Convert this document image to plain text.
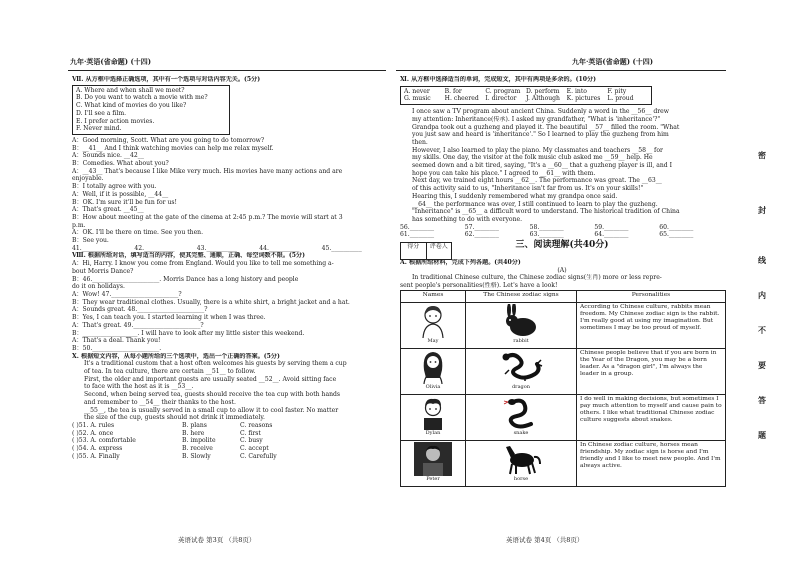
九年·英语(省命题) (十四)
Ⅶ. 从方框中选择正确选项，其中有一个选项与对话内容无关。(5分)
A. Where and when shall we meet?
B. Do you want to watch a movie with me?
C. What kind of movies do you like?
D. I'll see a film.
E. I prefer action movies.
F. Never mind.
A：Good morning, Scott. What are you going to do tomorrow?
B：__41__ And I think watching movies can help me relax myself.
A：Sounds nice. __42__
B：Comedies. What about you?
A：__43__ That's because I like Mike very much. His movies have many actions and are
enjoyable.
B：I totally agree with you.
A：Well, if it is possible, __44__
B：OK. I'm sure it'll be fun for us!
A：That's great. __45__
B：How about meeting at the gate of the cinema at 2:45 p.m.? The movie will start at 3
p.m.
A：OK. I'll be there on time. See you then.
B：See you.
41.__________	42.__________	43.__________	44.__________	45.__________
Ⅷ. 根据所给对话，填写适当的内容，使其完整、通顺，正确、每空词数不限。(5分)
A：Hi, Harry. I know you come from England. Would you like to tell me something a-
bout Morris Dance?
B：46.______________________. Morris Dance has a long history and people
do it on holidays.
A：Wow! 47.______________________?
B：They wear traditional clothes. Usually, there is a white shirt, a bright jacket and a hat.
A：Sounds great. 48.______________________?
B：Yes, I can teach you. I started learning it when I was three.
A：That's great. 49.______________________?
B：__________________. I will have to look after my little sister this weekend.
A：That's a deal. Thank you!
B：50.______________________.
Ⅹ. 根据短文内容，从每小题所给的三个选项中，选出一个正确的答案。(5分)
It's a traditional custom that a host often welcomes his guests by serving them a cup
of tea. In tea culture, there are certain __51__ to follow.
First, the older and important guests are usually seated __52__. Avoid sitting face
to face with the host as it is __53__.
Second, when being served tea, guests should receive the tea cup with both hands
and remember to __54__ their thanks to the host.
__55__, the tea is usually served in a small cup to allow it to cool faster. No matter
the size of the cup, guests should not drink it immediately.
( )51. A. rules	B. plans	C. reasons
( )52. A. once	B. here	C. first
( )53. A. comfortable	B. impolite	C. busy
( )54. A. express	B. receive	C. accept
( )55. A. Finally	B. Slowly	C. Carefully
英语试卷 第3页 （共8页）
九年·英语(省命题) (十四)
Ⅺ. 从方框中选择适当的单词，完成短文，其中有两项是多余的。(10分)
A. never	B. for	C. program D. perform	E. into	F. pity
G. music	H. cheered	I. director	J. Although	K. pictures	L. proud
I once saw a TV program about ancient China. Suddenly a word in the __56__ drew
my attention: Inheritance(传承). I asked my grandfather, "What is 'inheritance'?"
Grandpa took out a guzheng and played it. The beautiful __57__ filled the room. "What
you just saw and heard is 'inheritance'." So I learned to play the guzheng from him
then.
However, I also learned to play the piano. My classmates and teachers __58__ for
my skills. One day, the visitor at the folk music club asked me __59__ help. He
seemed down and a bit tired, saying, "It's a __60__ that a guzheng player is ill, and I
hope you can take his place." I agreed to __61__ with them.
Next day, we trained eight hours __62__. The performance was great. The __63__
of this activity said to us, "Inheritance isn't far from us. It's on your skills!"
Hearing this, I suddenly remembered what my grandpa once said.
__64__ the performance was over, I still continued to learn to play the guzheng.
"Inheritance" is __65__ a difficult word to understand. The historical tradition of China
has something to do with everyone.
56.________	57.________	58.________	59.________	60.________
61.________	62.________	63.________	64.________	65.________
得分	评卷人	三、阅读理解(共40分)
A. 根据所给材料，完成下列各题。(共40分)
(A)
In traditional Chinese culture, the Chinese zodiac signs(生肖) more or less repre-
sent people's personalities(性格). Let's have a look!
Names	The Chinese zodiac signs	Personalities

May	rabbit	According to Chinese culture, rabbits mean freedom. My Chinese zodiac sign is the rabbit. I'm really good at using my imagination. But sometimes I may be too proud of myself.

Olivia	dragon	Chinese people believe that if you are born in the Year of the Dragon, you may be a born leader. As a "dragon girl", I'm always the leader in a group.

Dylan	snake	I do well in making decisions, but sometimes I pay much attention to myself and cause pain to others. I like what traditional Chinese zodiac culture suggests about snakes.

Peter	horse	In Chinese zodiac culture, horses mean friendship. My zodiac sign is horse and I'm friendly and I like to meet new people. And I'm always active.
英语试卷 第4页 （共8页）
密
封
线
内
不
要
答
题
